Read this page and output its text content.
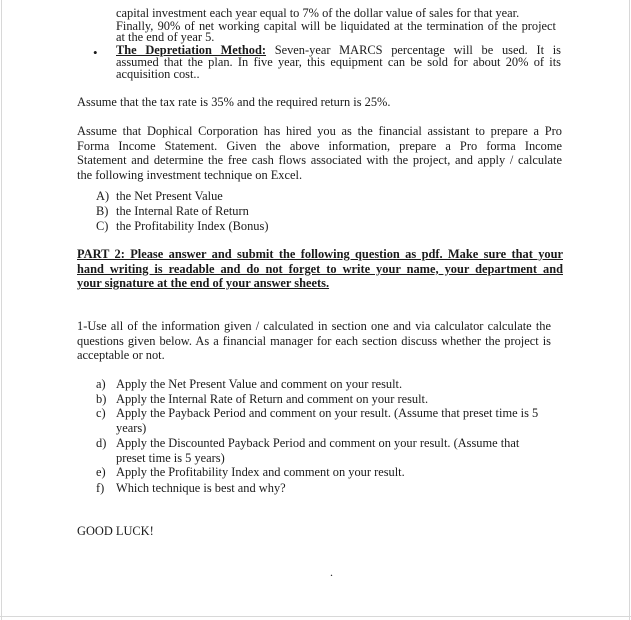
capital investment each year equal to 7% of the dollar value of sales for that year.
Finally, 90% of net working capital will be liquidated at the termination of the project
at the end of year 5.
• The Depretiation Method: Seven-year MARCS percentage will be used. It is
assumed that the plan. In five year, this equipment can be sold for about 20% of its
acquisition cost..
Assume that the tax rate is 35% and the required return is 25%.
Assume that Dophical Corporation has hired you as the financial assistant to prepare a Pro
Forma Income Statement. Given the above information, prepare a Pro forma Income
Statement and determine the free cash flows associated with the project, and apply / calculate
the following investment technique on Excel.
A) the Net Present Value
B) the Internal Rate of Return
C) the Profitability Index (Bonus)
PART 2: Please answer and submit the following question as pdf. Make sure that your
hand writing is readable and do not forget to write your name, your department and
your signature at the end of your answer sheets.
1-Use all of the information given / calculated in section one and via calculator calculate the
questions given below. As a financial manager for each section discuss whether the project is
acceptable or not.
a) Apply the Net Present Value and comment on your result.
b) Apply the Internal Rate of Return and comment on your result.
c) Apply the Payback Period and comment on your result. (Assume that preset time is 5
years)
d) Apply the Discounted Payback Period and comment on your result. (Assume that
preset time is 5 years)
e) Apply the Profitability Index and comment on your result.
f) Which technique is best and why?
GOOD LUCK!
.
